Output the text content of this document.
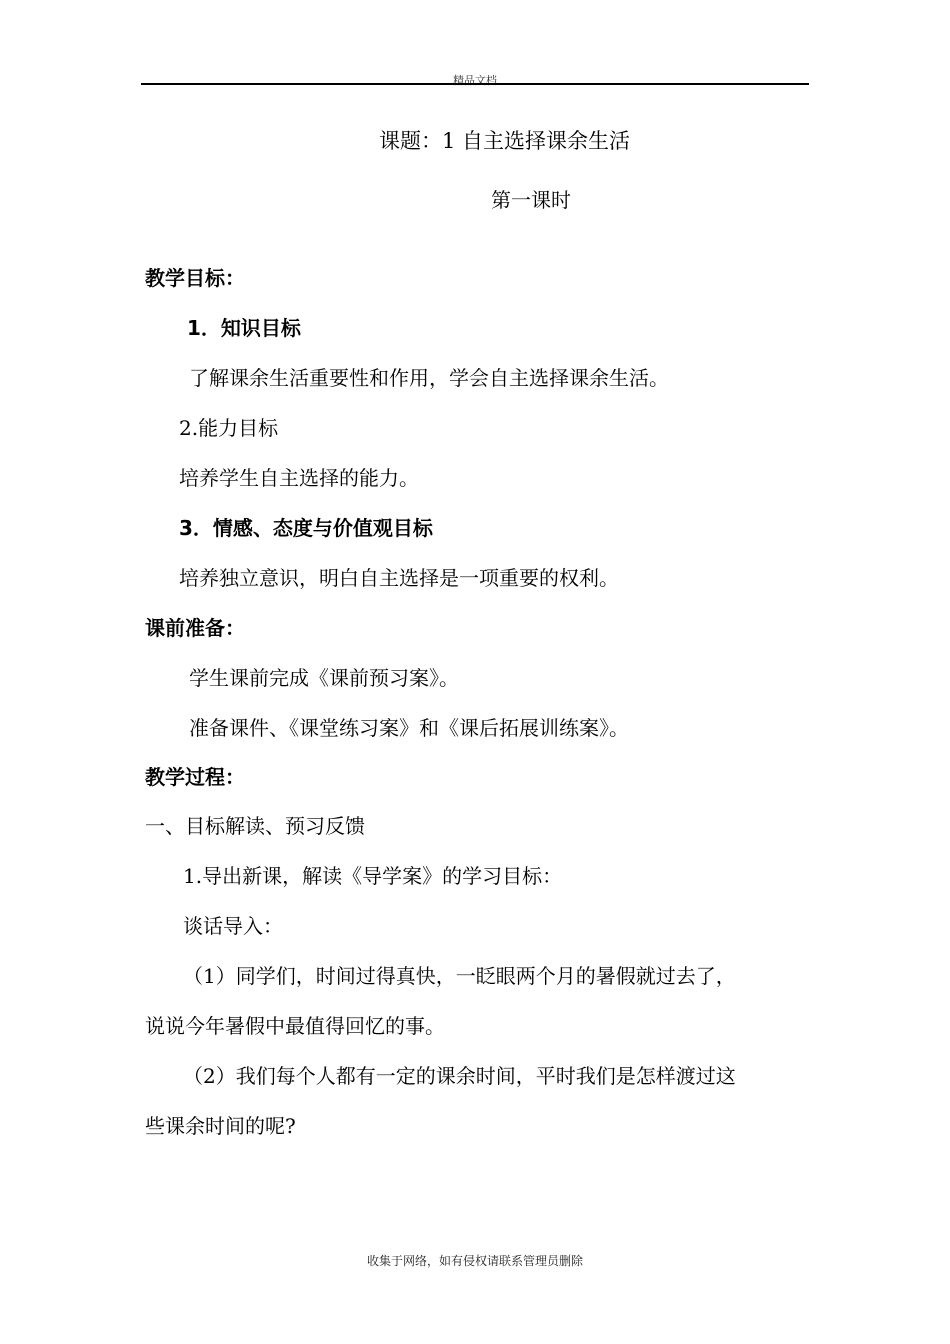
精品文档
课题：1 自主选择课余生活
第一课时
教学目标：
1．知识目标
了解课余生活重要性和作用，学会自主选择课余生活。
2.能力目标
培养学生自主选择的能力。
3．情感、态度与价值观目标
培养独立意识，明白自主选择是一项重要的权利。
课前准备：
学生课前完成《课前预习案》。
准备课件、《课堂练习案》和《课后拓展训练案》。
教学过程：
一、目标解读、预习反馈
1.导出新课，解读《导学案》的学习目标：
谈话导入：
（1）同学们，时间过得真快，一眨眼两个月的暑假就过去了，
说说今年暑假中最值得回忆的事。
（2）我们每个人都有一定的课余时间，平时我们是怎样渡过这
些课余时间的呢?
收集于网络，如有侵权请联系管理员删除
